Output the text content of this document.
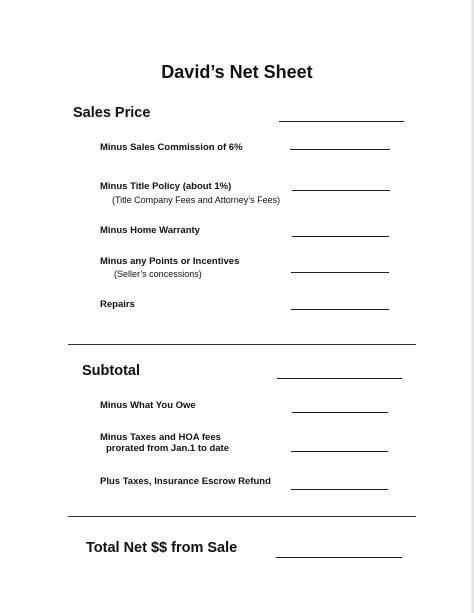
David’s Net Sheet
Sales Price
Minus Sales Commission of 6%
Minus Title Policy (about 1%)
(Title Company Fees and Attorney’s Fees)
Minus Home Warranty
Minus any Points or Incentives
(Seller’s concessions)
Repairs
Subtotal
Minus What You Owe
Minus Taxes and HOA fees
prorated from Jan.1 to date
Plus Taxes, Insurance Escrow Refund
Total Net $$ from Sale
